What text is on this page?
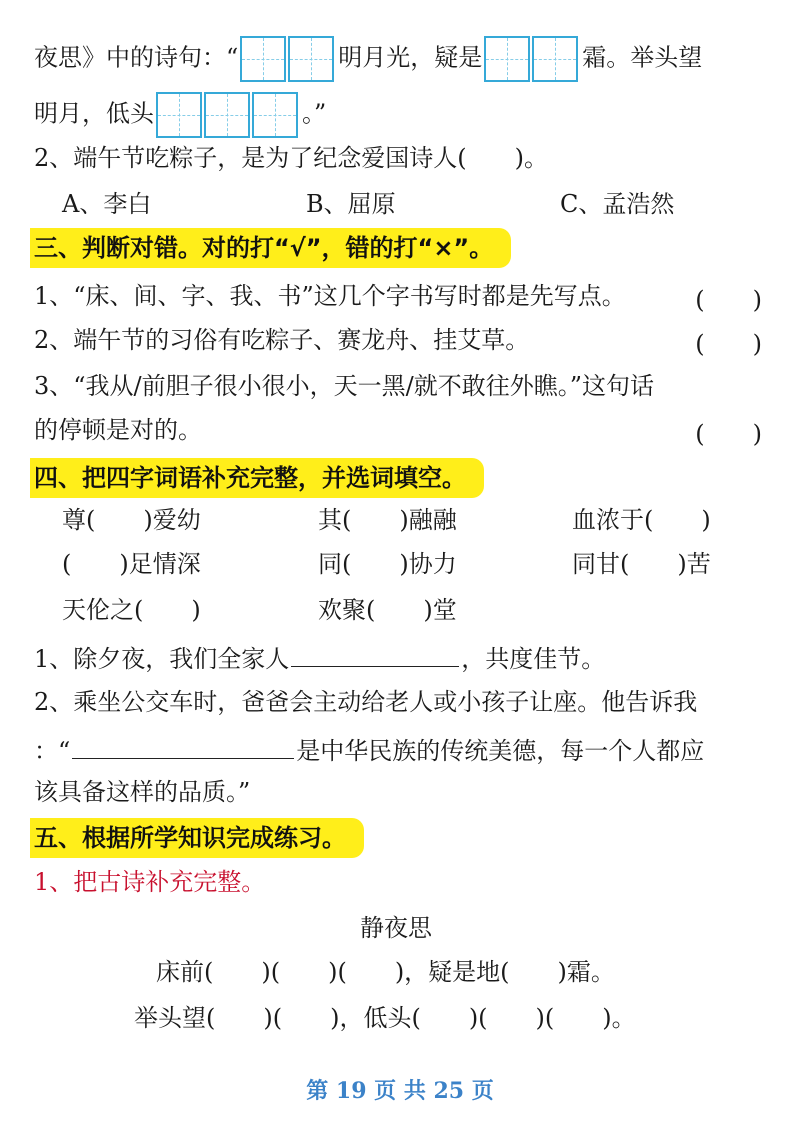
夜思》中的诗句：“	明月光，疑是	霜。举头望
明月，低头	。”
2、端午节吃粽子，是为了纪念爱国诗人(　　)。
A、李白	B、屈原	C、孟浩然
三、判断对错。对的打“√”，错的打“×”。
1、“床、间、字、我、书”这几个字书写时都是先写点。	(　　)
2、端午节的习俗有吃粽子、赛龙舟、挂艾草。	(　　)
3、“我从/前胆子很小很小，天一黑/就不敢往外瞧。”这句话
的停顿是对的。	(　　)
四、把四字词语补充完整，并选词填空。
尊(　　)爱幼	其(　　)融融	血浓于(　　)
(　　)足情深	同(　　)协力	同甘(　　)苦
天伦之(　　)	欢聚(　　)堂
1、除夕夜，我们全家人	，共度佳节。
2、乘坐公交车时，爸爸会主动给老人或小孩子让座。他告诉我
：“	是中华民族的传统美德，每一个人都应
该具备这样的品质。”
五、根据所学知识完成练习。
1、把古诗补充完整。
静夜思
床前(　　)(　　)(　　)，疑是地(　　)霜。
举头望(　　)(　　)，低头(　　)(　　)(　　)。
第 19 页 共 25 页
